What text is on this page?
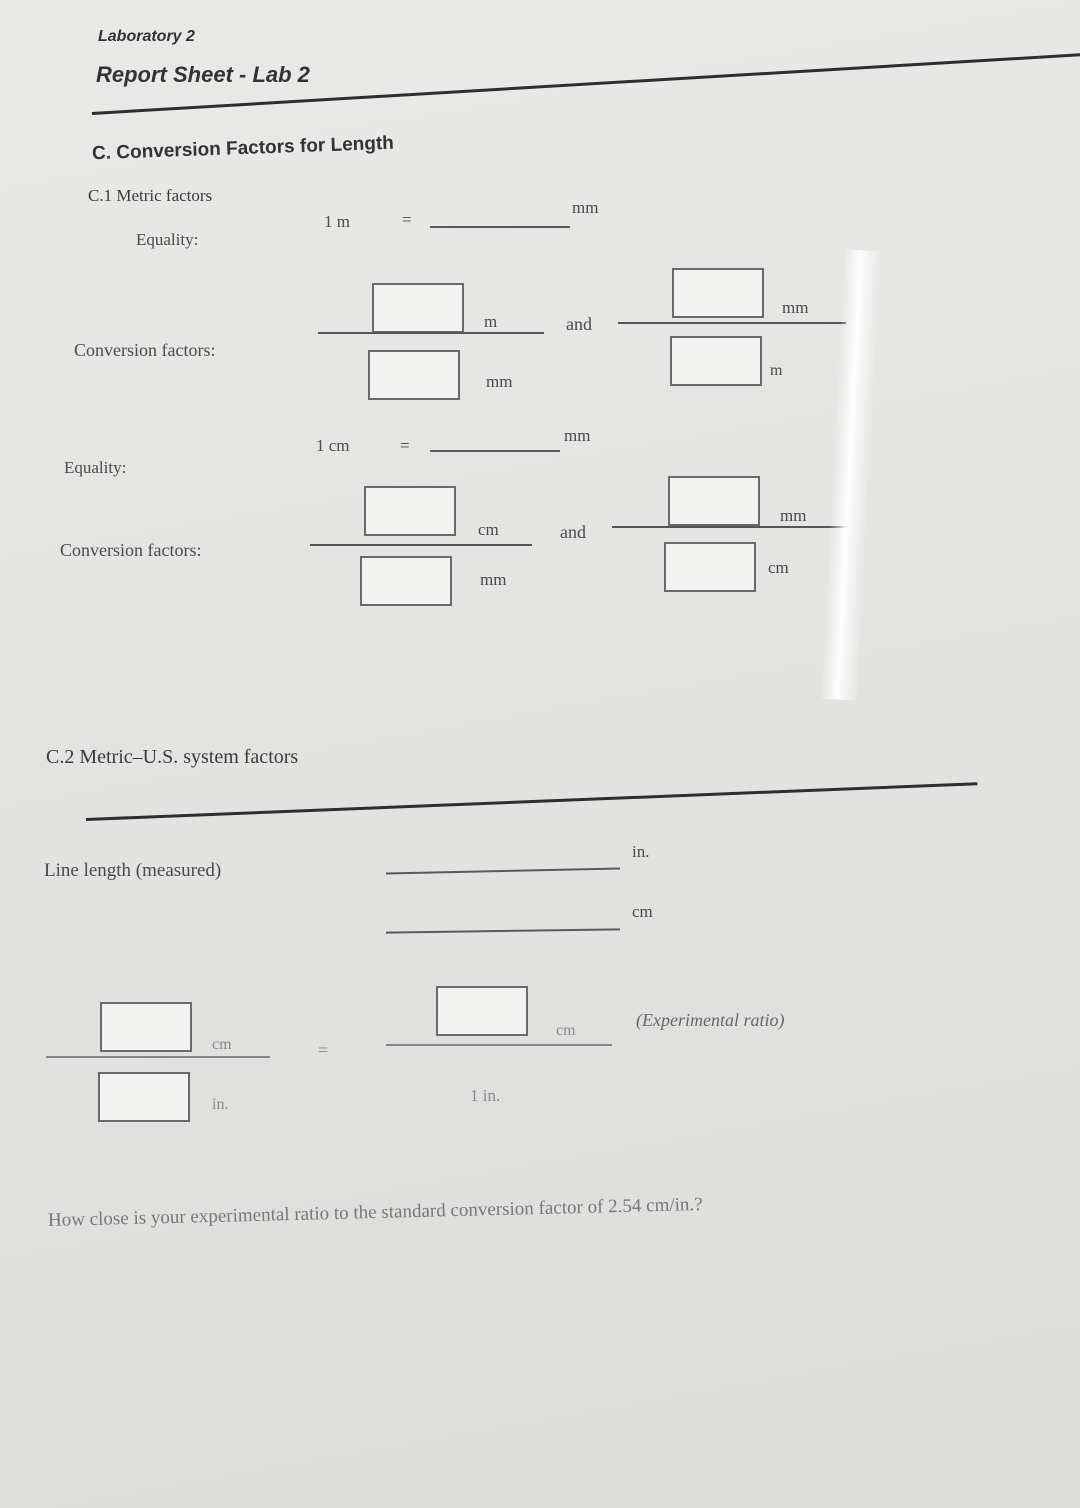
Laboratory 2
Report Sheet - Lab 2
C. Conversion Factors for Length
C.1 Metric factors
Equality:
1 m	=
mm
Conversion factors:
m
mm
and
mm
m
Equality:
1 cm	=
mm
Conversion factors:
cm
mm
and
mm
cm
C.2 Metric–U.S. system factors
Line length (measured)
in.
cm
cm
in.
=
cm
1 in.
(Experimental ratio)
How close is your experimental ratio to the standard conversion factor of 2.54 cm/in.?
